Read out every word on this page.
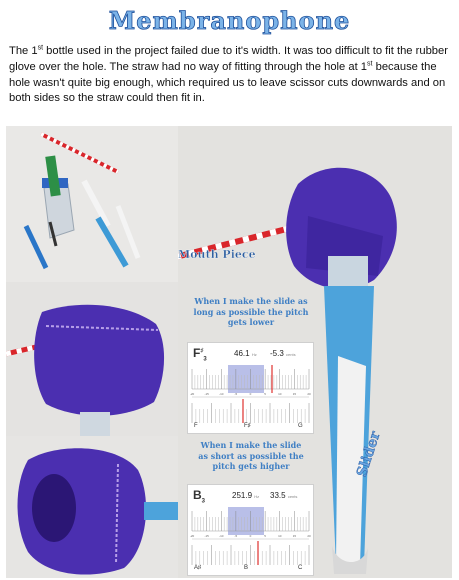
Membranophone

The 1st bottle used in the project failed due to it's width. It was too difficult to fit the rubber glove over the hole. The straw had no way of fitting through the hole at 1st because the hole wasn't quite big enough, which required us to leave scissor cuts downwards and on both sides so the straw could then fit in.

Mouth Piece
Slider
When I make the slide as
long as possible the pitch
gets lower
$F^♯_3$
46.1 Hz -5.3 cents
-20	-15	-10	-5	0	5	10	15	20
F	F♯	G
When I make the slide
as short as possible the
pitch gets higher
$B_3$
251.9 Hz 33.5 cents
-20	-15	-10	-5	0	5	10	15	20
A♯	B	C
